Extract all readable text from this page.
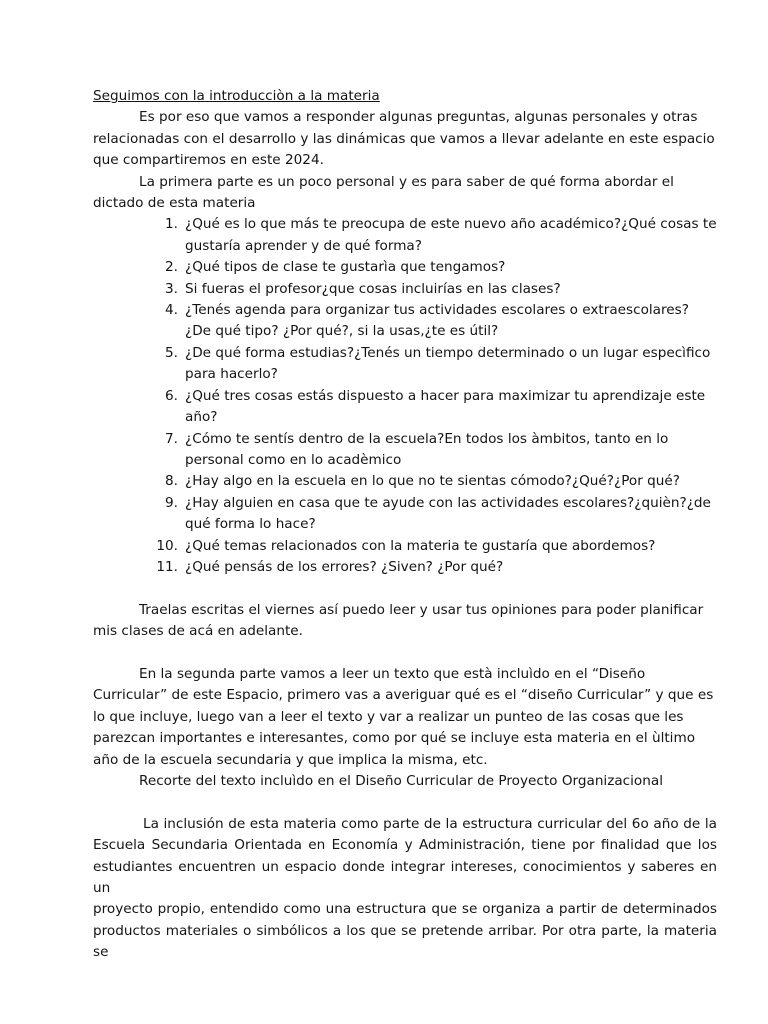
Seguimos con la introducciòn a la materia

Es por eso que vamos a responder algunas preguntas, algunas personales y otras relacionadas con el desarrollo y las dinámicas que vamos a llevar adelante en este espacio que compartiremos en este 2024.

La primera parte es un poco personal y es para saber de qué forma abordar el dictado de esta materia

1. ¿Qué es lo que más te preocupa de este nuevo año académico?¿Qué cosas te gustaría aprender y de qué forma?
2. ¿Qué tipos de clase te gustarìa que tengamos?
3. Si fueras el profesor¿que cosas incluirías en las clases?
4. ¿Tenés agenda para organizar tus actividades escolares o extraescolares? ¿De qué tipo? ¿Por qué?, si la usas,¿te es útil?
5. ¿De qué forma estudias?¿Tenés un tiempo determinado o un lugar especìfico para hacerlo?
6. ¿Qué tres cosas estás dispuesto a hacer para maximizar tu aprendizaje este año?
7. ¿Cómo te sentís dentro de la escuela?En todos los àmbitos, tanto en lo personal como en lo acadèmico
8. ¿Hay algo en la escuela en lo que no te sientas cómodo?¿Qué?¿Por qué?
9. ¿Hay alguien en casa que te ayude con las actividades escolares?¿quièn?¿de qué forma lo hace?
10. ¿Qué temas relacionados con la materia te gustaría que abordemos?
11. ¿Qué pensás de los errores? ¿Siven? ¿Por qué?

Traelas escritas el viernes así puedo leer y usar tus opiniones para poder planificar mis clases de acá en adelante.

En la segunda parte vamos a leer un texto que està incluìdo en el “Diseño Curricular” de este Espacio, primero vas a averiguar qué es el “diseño Curricular” y que es lo que incluye, luego van a leer el texto y var a realizar un punteo de las cosas que les parezcan importantes e interesantes, como por qué se incluye esta materia en el ùltimo año de la escuela secundaria y que implica la misma, etc.

Recorte del texto incluìdo en el Diseño Curricular de Proyecto Organizacional

La inclusión de esta materia como parte de la estructura curricular del 6o año de la
Escuela Secundaria Orientada en Economía y Administración, tiene por finalidad que los
estudiantes encuentren un espacio donde integrar intereses, conocimientos y saberes en un
proyecto propio, entendido como una estructura que se organiza a partir de determinados
productos materiales o simbólicos a los que se pretende arribar. Por otra parte, la materia se
